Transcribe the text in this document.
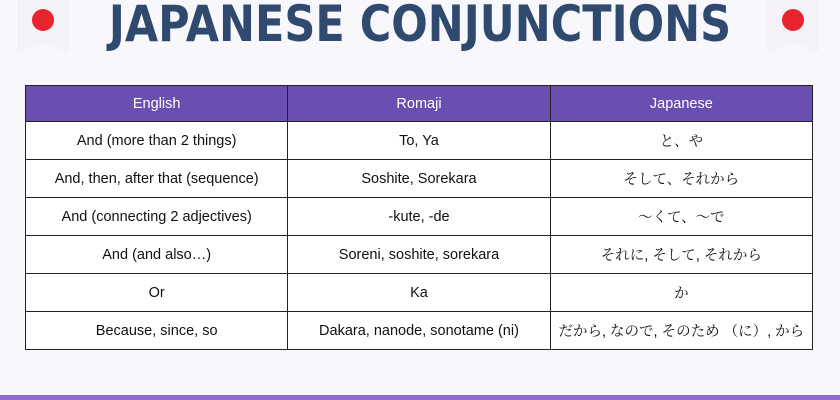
JAPANESE CONJUNCTIONS
English	Romaji	Japanese
And (more than 2 things)	To, Ya	と、や
And, then, after that (sequence)	Soshite, Sorekara	そして、それから
And (connecting 2 adjectives)	-kute, -de	〜くて、〜で
And (and also…)	Soreni, soshite, sorekara	それに, そして, それから
Or	Ka	か
Because, since, so	Dakara, nanode, sonotame (ni)	だから, なので, そのため （に）, から
